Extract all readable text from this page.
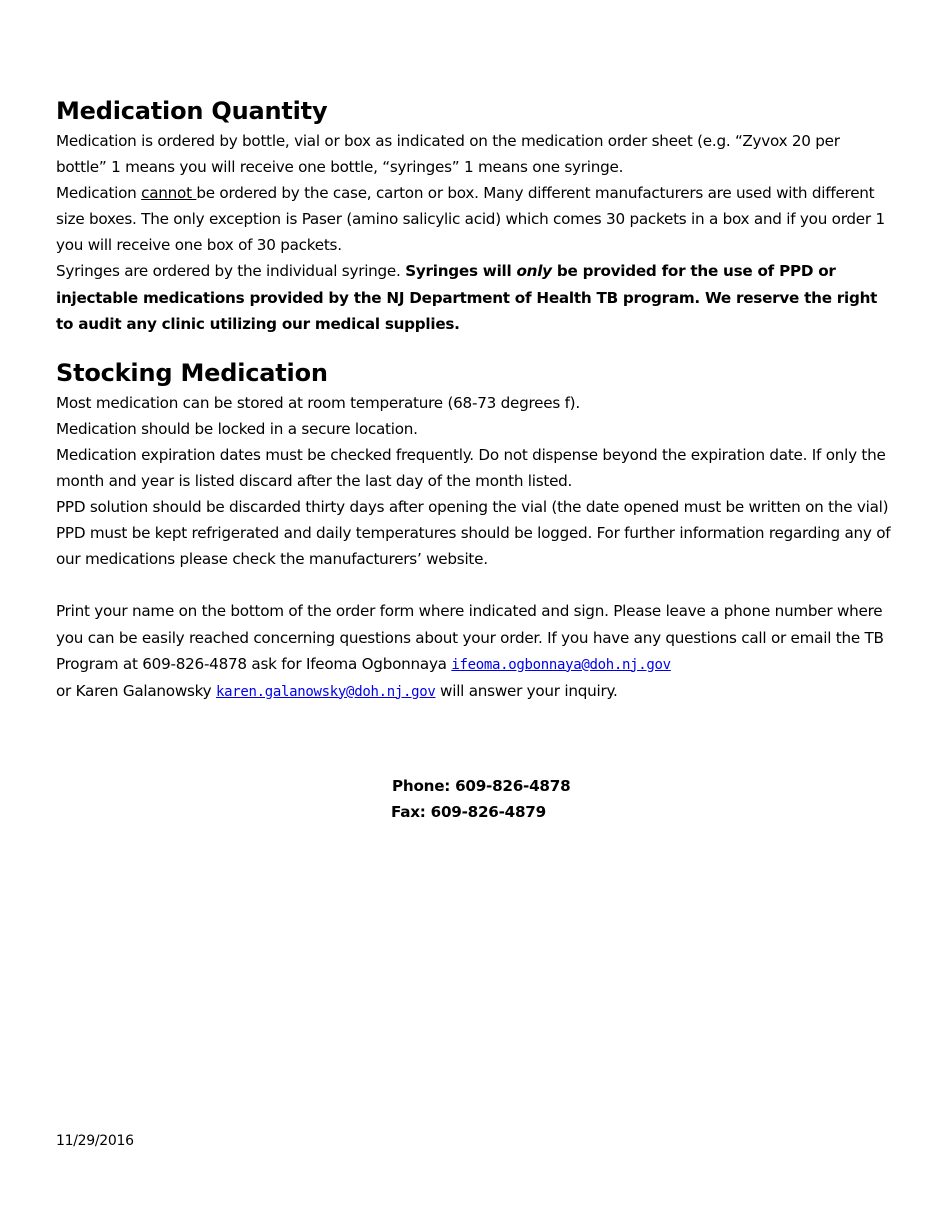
Medication Quantity

Medication is ordered by bottle, vial or box as indicated on the medication order sheet (e.g. “Zyvox 20 per bottle” 1 means you will receive one bottle, “syringes” 1 means one syringe.

Medication cannot be ordered by the case, carton or box. Many different manufacturers are used with different size boxes. The only exception is Paser (amino salicylic acid) which comes 30 packets in a box and if you order 1 you will receive one box of 30 packets.

Syringes are ordered by the individual syringe. Syringes will only be provided for the use of PPD or injectable medications provided by the NJ Department of Health TB program. We reserve the right to audit any clinic utilizing our medical supplies.

Stocking Medication

Most medication can be stored at room temperature (68-73 degrees f).

Medication should be locked in a secure location.

Medication expiration dates must be checked frequently. Do not dispense beyond the expiration date. If only the month and year is listed discard after the last day of the month listed.

PPD solution should be discarded thirty days after opening the vial (the date opened must be written on the vial) PPD must be kept refrigerated and daily temperatures should be logged. For further information regarding any of our medications please check the manufacturers’ website.

Print your name on the bottom of the order form where indicated and sign. Please leave a phone number where you can be easily reached concerning questions about your order. If you have any questions call or email the TB Program at 609-826-4878 ask for Ifeoma Ogbonnaya ifeoma.ogbonnaya@doh.nj.gov
or Karen Galanowsky karen.galanowsky@doh.nj.gov will answer your inquiry.

Phone: 609-826-4878
Fax: 609-826-4879
11/29/2016
